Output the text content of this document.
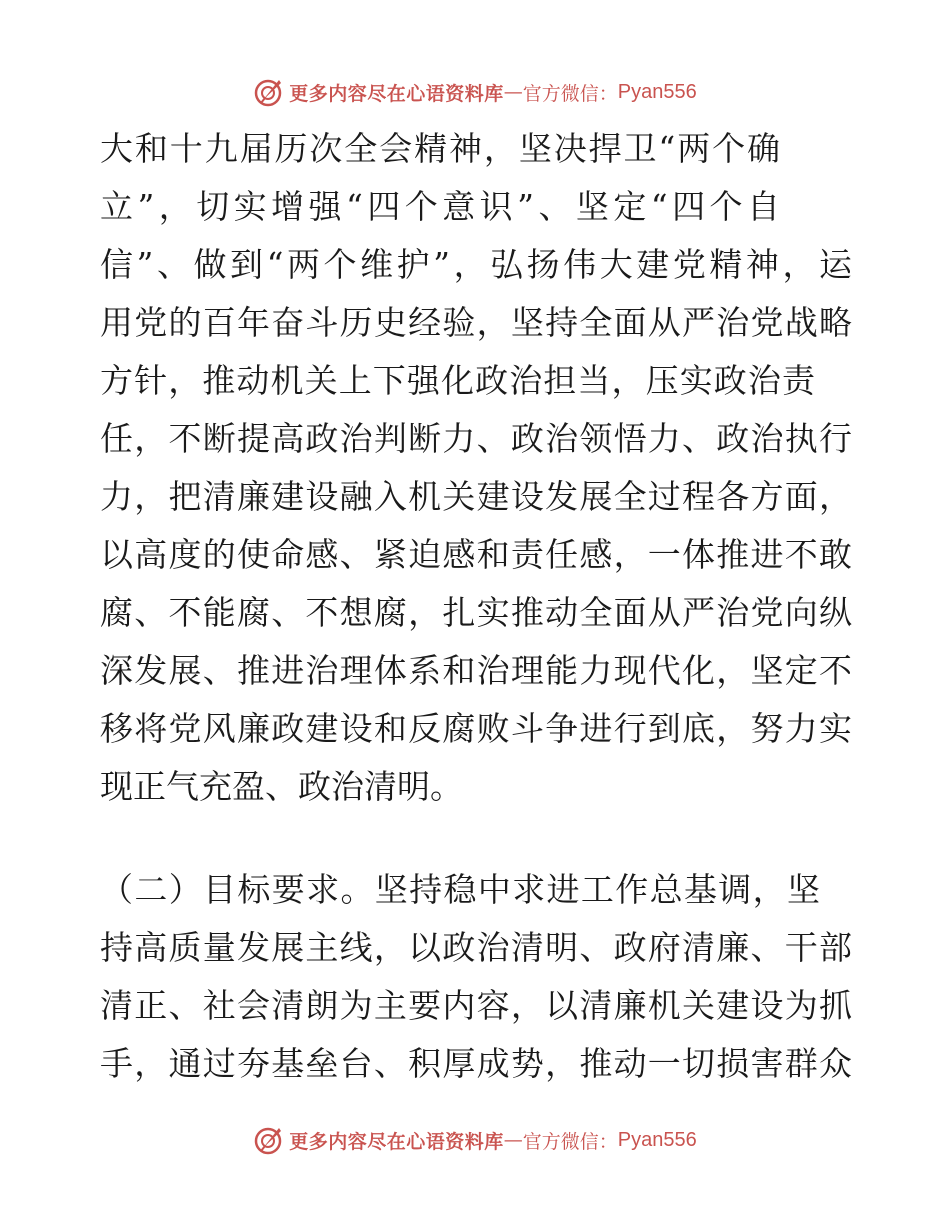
更多内容尽在心语资料库 — 官方微信： Pyan556
大和十九届历次全会精神，坚决捍卫“两个确
立”，切实增强“四个意识”、坚定“四个自
信”、做到“两个维护”，弘扬伟大建党精神，运
用党的百年奋斗历史经验，坚持全面从严治党战略
方针，推动机关上下强化政治担当，压实政治责
任，不断提高政治判断力、政治领悟力、政治执行
力，把清廉建设融入机关建设发展全过程各方面，
以高度的使命感、紧迫感和责任感，一体推进不敢
腐、不能腐、不想腐，扎实推动全面从严治党向纵
深发展、推进治理体系和治理能力现代化，坚定不
移将党风廉政建设和反腐败斗争进行到底，努力实
现正气充盈、政治清明。
（二）目标要求。坚持稳中求进工作总基调，坚
持高质量发展主线，以政治清明、政府清廉、干部
清正、社会清朗为主要内容，以清廉机关建设为抓
手，通过夯基垒台、积厚成势，推动一切损害群众
更多内容尽在心语资料库 — 官方微信： Pyan556
